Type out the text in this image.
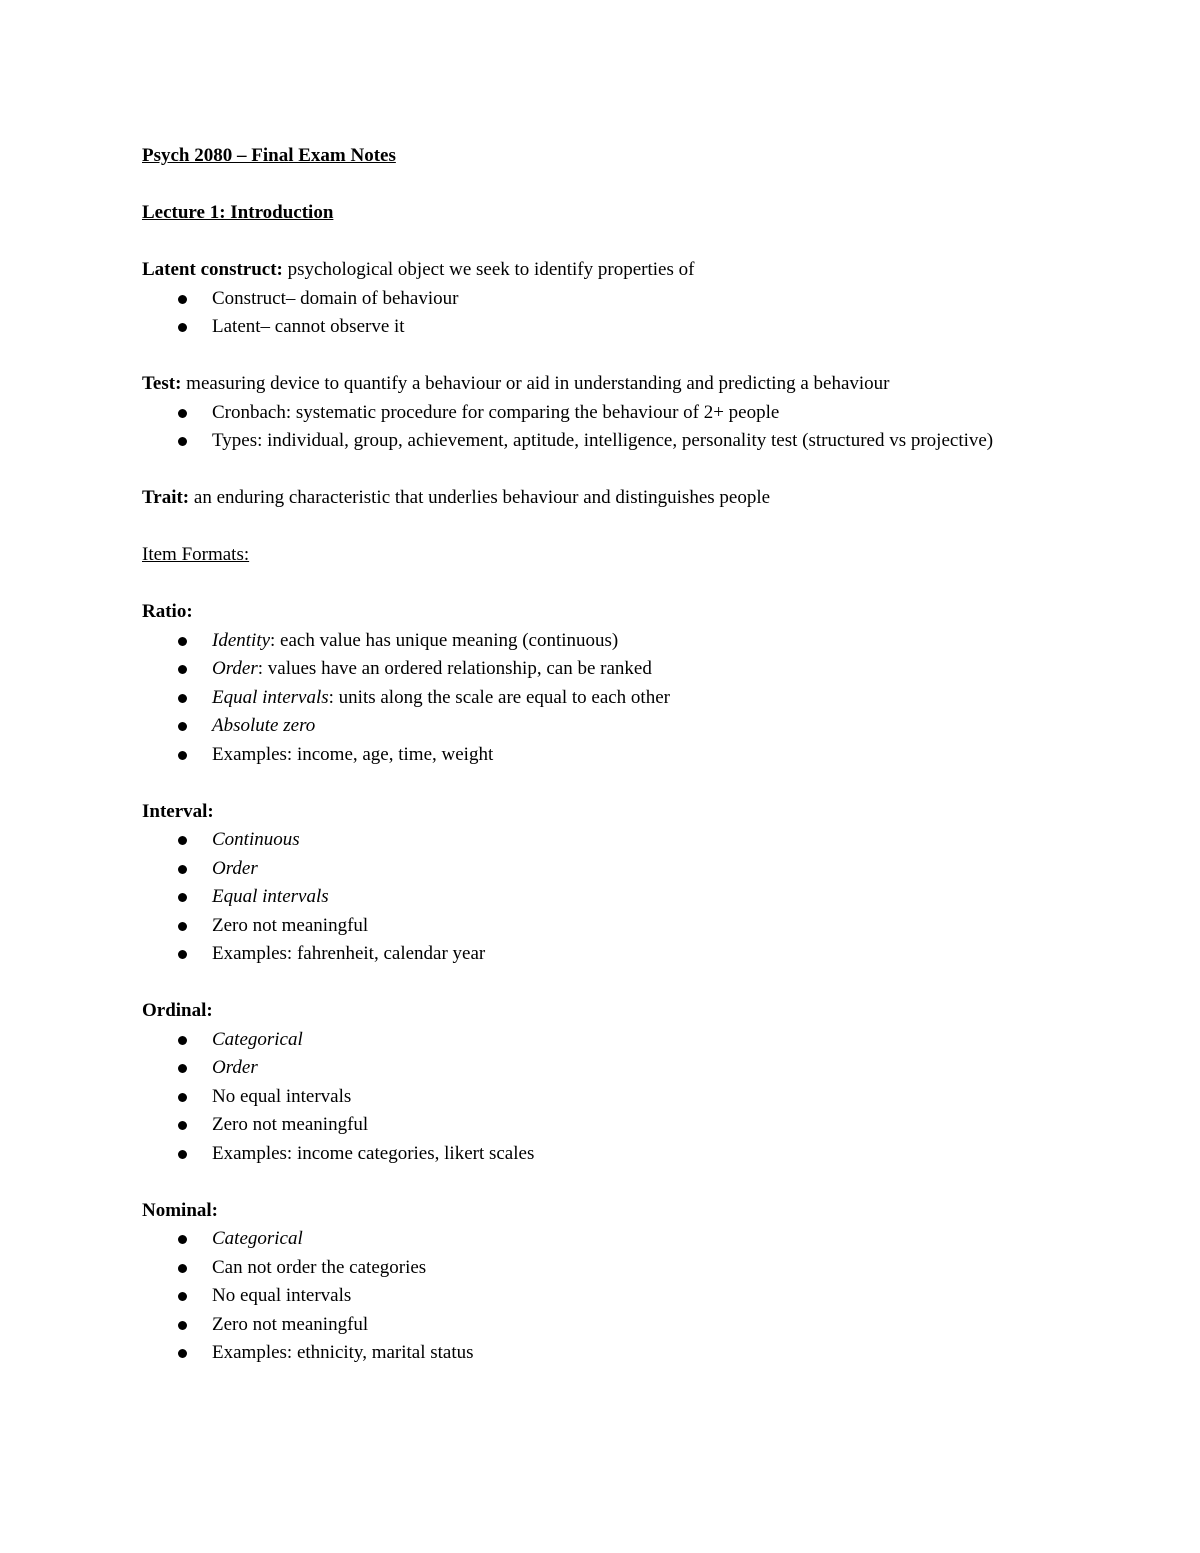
Psych 2080 – Final Exam Notes
Lecture 1: Introduction
Latent construct: psychological object we seek to identify properties of
Construct– domain of behaviour
Latent– cannot observe it
Test: measuring device to quantify a behaviour or aid in understanding and predicting a behaviour
Cronbach: systematic procedure for comparing the behaviour of 2+ people
Types: individual, group, achievement, aptitude, intelligence, personality test (structured vs projective)
Trait: an enduring characteristic that underlies behaviour and distinguishes people
Item Formats:
Ratio:
Identity: each value has unique meaning (continuous)
Order: values have an ordered relationship, can be ranked
Equal intervals: units along the scale are equal to each other
Absolute zero
Examples: income, age, time, weight
Interval:
Continuous
Order
Equal intervals
Zero not meaningful
Examples: fahrenheit, calendar year
Ordinal:
Categorical
Order
No equal intervals
Zero not meaningful
Examples: income categories, likert scales
Nominal:
Categorical
Can not order the categories
No equal intervals
Zero not meaningful
Examples: ethnicity, marital status
